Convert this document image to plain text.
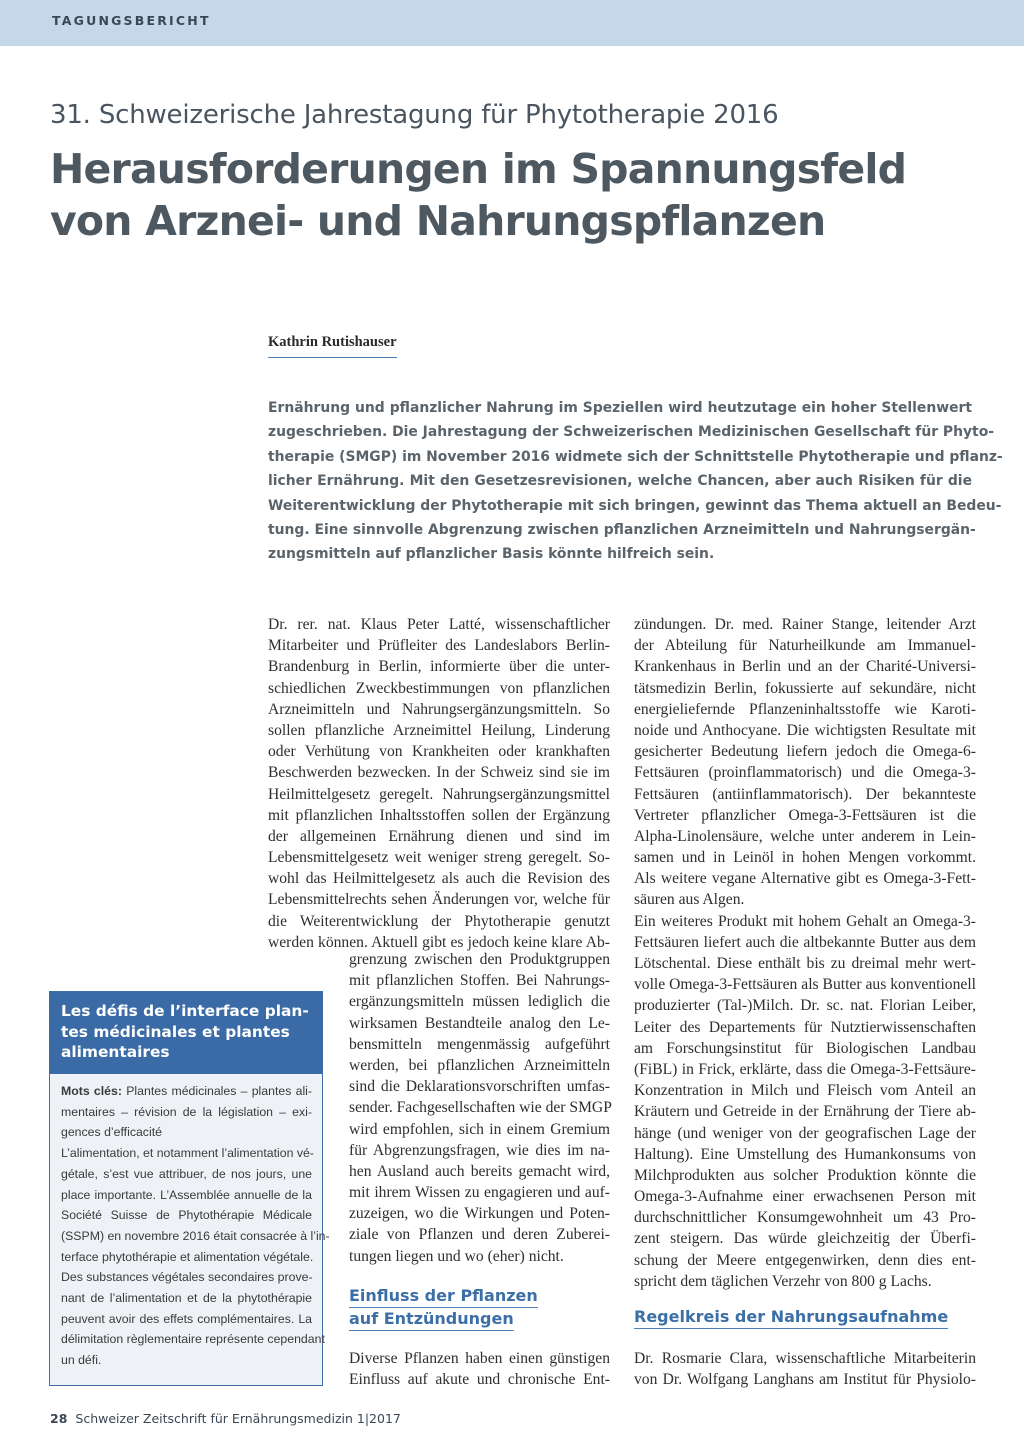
TAGUNGSBERICHT
31. Schweizerische Jahrestagung für Phytotherapie 2016
Herausforderungen im Spannungsfeld
von Arznei- und Nahrungspflanzen
Kathrin Rutishauser
Ernährung und pflanzlicher Nahrung im Speziellen wird heutzutage ein hoher Stellenwert
zugeschrieben. Die Jahrestagung der Schweizerischen Medizinischen Gesellschaft für Phyto-
therapie (SMGP) im November 2016 widmete sich der Schnittstelle Phytotherapie und pflanz-
licher Ernährung. Mit den Gesetzesrevisionen, welche Chancen, aber auch Risiken für die
Weiterentwicklung der Phytotherapie mit sich bringen, gewinnt das Thema aktuell an Bedeu-
tung. Eine sinnvolle Abgrenzung zwischen pflanzlichen Arzneimitteln und Nahrungsergän-
zungsmitteln auf pflanzlicher Basis könnte hilfreich sein.
Dr. rer. nat. Klaus Peter Latté, wissenschaftlicher
Mitarbeiter und Prüfleiter des Landeslabors Berlin-
Brandenburg in Berlin, informierte über die unter-
schiedlichen Zweckbestimmungen von pflanzlichen
Arzneimitteln und Nahrungsergänzungsmitteln. So
sollen pflanzliche Arzneimittel Heilung, Linderung
oder Verhütung von Krankheiten oder krankhaften
Beschwerden bezwecken. In der Schweiz sind sie im
Heilmittelgesetz geregelt. Nahrungsergänzungsmittel
mit pflanzlichen Inhaltsstoffen sollen der Ergänzung
der allgemeinen Ernährung dienen und sind im
Lebensmittelgesetz weit weniger streng geregelt. So-
wohl das Heilmittelgesetz als auch die Revision des
Lebensmittelrechts sehen Änderungen vor, welche für
die Weiterentwicklung der Phytotherapie genutzt
werden können. Aktuell gibt es jedoch keine klare Ab-
grenzung zwischen den Produktgruppen
mit pflanzlichen Stoffen. Bei Nahrungs-
ergänzungsmitteln müssen lediglich die
wirksamen Bestandteile analog den Le-
bensmitteln mengenmässig aufgeführt
werden, bei pflanzlichen Arzneimitteln
sind die Deklarationsvorschriften umfas-
sender. Fachgesellschaften wie der SMGP
wird empfohlen, sich in einem Gremium
für Abgrenzungsfragen, wie dies im na-
hen Ausland auch bereits gemacht wird,
mit ihrem Wissen zu engagieren und auf-
zuzeigen, wo die Wirkungen und Poten-
ziale von Pflanzen und deren Zuberei-
tungen liegen und wo (eher) nicht.
Einfluss der Pflanzen
auf Entzündungen
Diverse Pflanzen haben einen günstigen
Einfluss auf akute und chronische Ent-
zündungen. Dr. med. Rainer Stange, leitender Arzt
der Abteilung für Naturheilkunde am Immanuel-
Krankenhaus in Berlin und an der Charité-Universi-
tätsmedizin Berlin, fokussierte auf sekundäre, nicht
energieliefernde Pflanzeninhaltsstoffe wie Karoti-
noide und Anthocyane. Die wichtigsten Resultate mit
gesicherter Bedeutung liefern jedoch die Omega-6-
Fettsäuren (proinflammatorisch) und die Omega-3-
Fettsäuren (antiinflammatorisch). Der bekannteste
Vertreter pflanzlicher Omega-3-Fettsäuren ist die
Alpha-Linolensäure, welche unter anderem in Lein-
samen und in Leinöl in hohen Mengen vorkommt.
Als weitere vegane Alternative gibt es Omega-3-Fett-
säuren aus Algen.
Ein weiteres Produkt mit hohem Gehalt an Omega-3-
Fettsäuren liefert auch die altbekannte Butter aus dem
Lötschental. Diese enthält bis zu dreimal mehr wert-
volle Omega-3-Fettsäuren als Butter aus konventionell
produzierter (Tal-)Milch. Dr. sc. nat. Florian Leiber,
Leiter des Departements für Nutztierwissenschaften
am Forschungsinstitut für Biologischen Landbau
(FiBL) in Frick, erklärte, dass die Omega-3-Fettsäure-
Konzentration in Milch und Fleisch vom Anteil an
Kräutern und Getreide in der Ernährung der Tiere ab-
hänge (und weniger von der geografischen Lage der
Haltung). Eine Umstellung des Humankonsums von
Milchprodukten aus solcher Produktion könnte die
Omega-3-Aufnahme einer erwachsenen Person mit
durchschnittlicher Konsumgewohnheit um 43 Pro-
zent steigern. Das würde gleichzeitig der Überfi-
schung der Meere entgegenwirken, denn dies ent-
spricht dem täglichen Verzehr von 800 g Lachs.
Regelkreis der Nahrungsaufnahme
Dr. Rosmarie Clara, wissenschaftliche Mitarbeiterin
von Dr. Wolfgang Langhans am Institut für Physiolo-
Les défis de l’interface plan-
tes médicinales et plantes
alimentaires
Mots clés: Plantes médicinales – plantes ali-
mentaires – révision de la législation – exi-
gences d’efficacité
L’alimentation, et notamment l’alimentation vé-
gétale, s’est vue attribuer, de nos jours, une
place importante. L’Assemblée annuelle de la
Société Suisse de Phytothérapie Médicale
(SSPM) en novembre 2016 était consacrée à l’in-
terface phytothérapie et alimentation végétale.
Des substances végétales secondaires prove-
nant de l’alimentation et de la phytothérapie
peuvent avoir des effets complémentaires. La
délimitation règlementaire représente cependant
un défi.
28 Schweizer Zeitschrift für Ernährungsmedizin 1|2017
